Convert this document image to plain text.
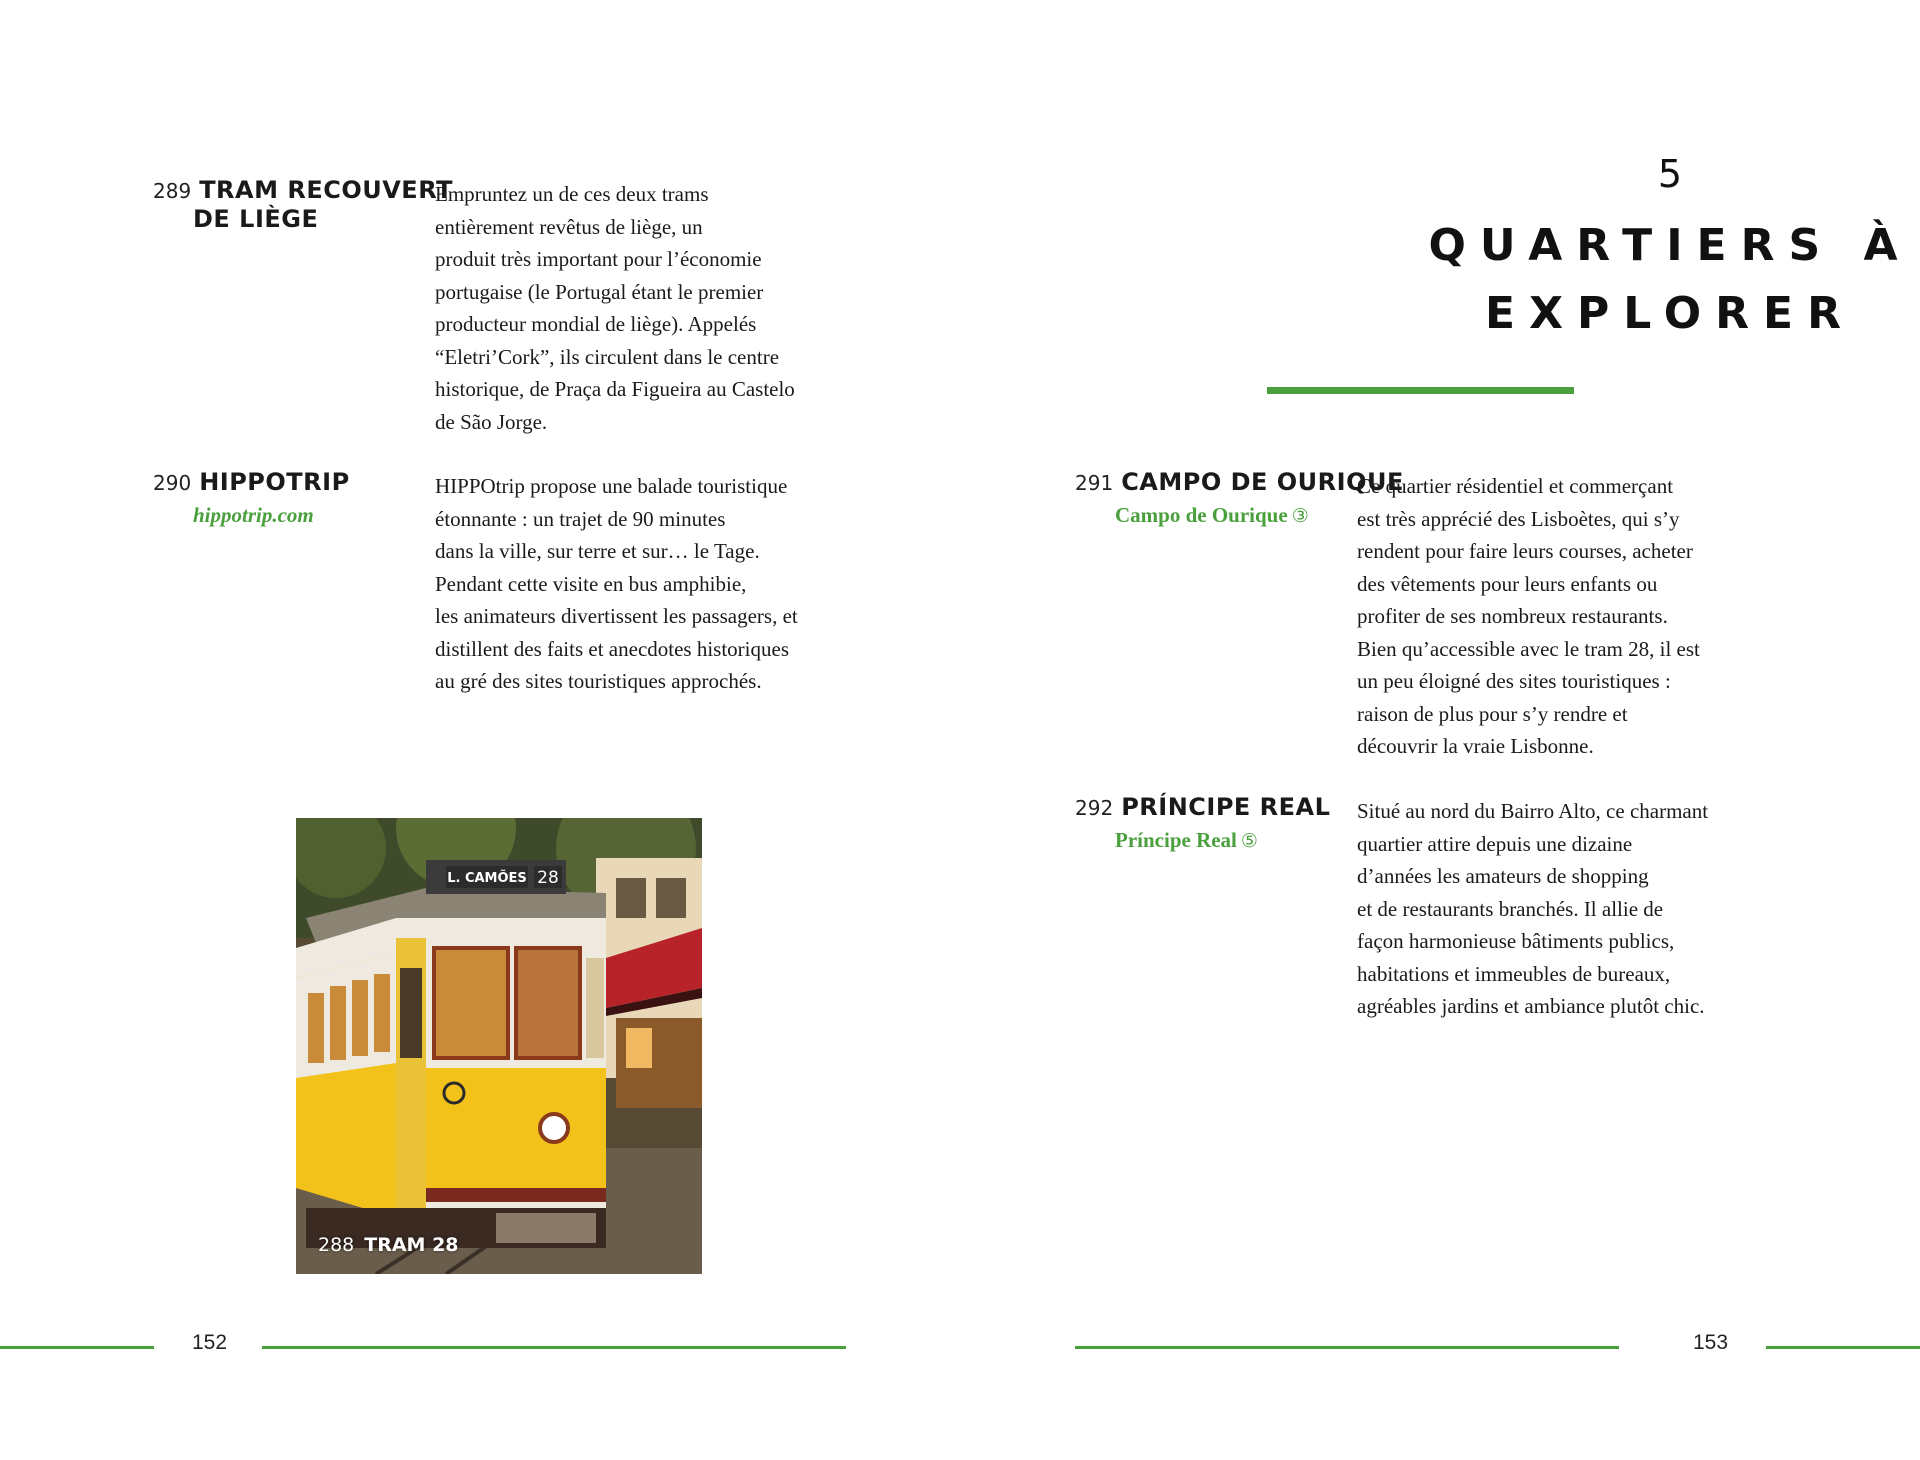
289 TRAM RECOUVERT
DE LIÈGE
Empruntez un de ces deux trams
entièrement revêtus de liège, un
produit très important pour l’économie
portugaise (le Portugal étant le premier
producteur mondial de liège). Appelés
“Eletri’Cork”, ils circulent dans le centre
historique, de Praça da Figueira au Castelo
de São Jorge.
290 HIPPOTRIP
hippotrip.com
HIPPOtrip propose une balade touristique
étonnante : un trajet de 90 minutes
dans la ville, sur terre et sur… le Tage.
Pendant cette visite en bus amphibie,
les animateurs divertissent les passagers, et
distillent des faits et anecdotes historiques
au gré des sites touristiques approchés.
L. CAMÕES 28
288 TRAM 28
152
5
QUARTIERS À
EXPLORER
291 CAMPO DE OURIQUE
Campo de Ourique ③
Ce quartier résidentiel et commerçant
est très apprécié des Lisboètes, qui s’y
rendent pour faire leurs courses, acheter
des vêtements pour leurs enfants ou
profiter de ses nombreux restaurants.
Bien qu’accessible avec le tram 28, il est
un peu éloigné des sites touristiques :
raison de plus pour s’y rendre et
découvrir la vraie Lisbonne.
292 PRÍNCIPE REAL
Príncipe Real ⑤
Situé au nord du Bairro Alto, ce charmant
quartier attire depuis une dizaine
d’années les amateurs de shopping
et de restaurants branchés. Il allie de
façon harmonieuse bâtiments publics,
habitations et immeubles de bureaux,
agréables jardins et ambiance plutôt chic.
153
